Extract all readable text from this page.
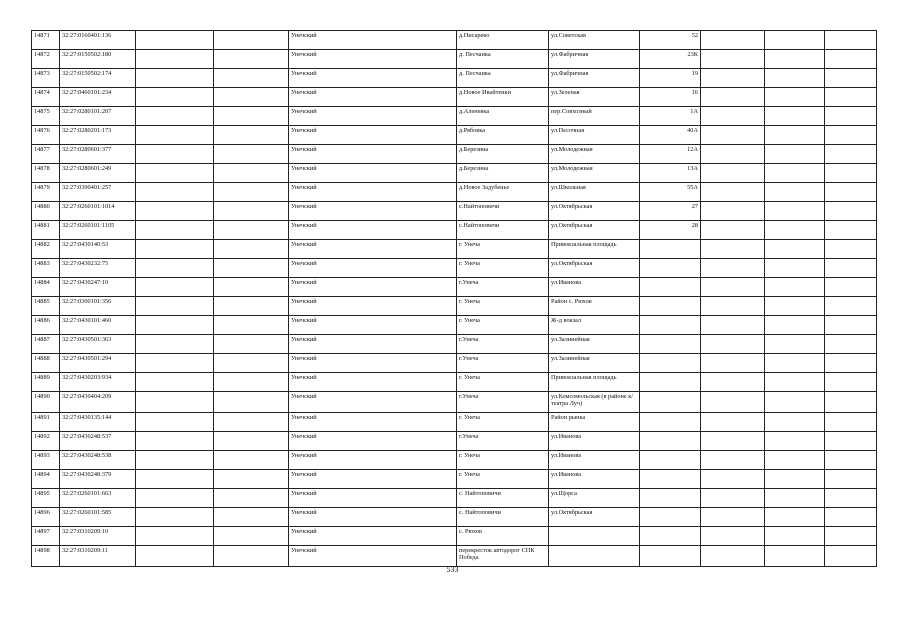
14871	32:27:0160401:136			Унечский	д.Писарево	ул.Советская	52			
14872	32:27:0150502:180			Унечский	д. Песчанка	ул.Фабричная	23К			
14873	32:27:0150502:174			Унечский	д. Песчанка	ул.Фабричная	19			
14874	32:27:0460101:234			Унечский	д.Новое Ивайтенки	ул.Зеленая	16			
14875	32:27:0280101:207			Унечский	д.Аленевка	пер.Совхозный	1А			
14876	32:27:0280201:173			Унечский	д.Рябовка	ул.Песочная	40А			
14877	32:27:0280601:377			Унечский	д.Березина	ул.Молодежная	12А			
14878	32:27:0280601:249			Унечский	д.Березина	ул.Молодежная	13А			
14879	32:27:0390401:257			Унечский	д.Новое Задубенье	ул.Школьная	55А			
14880	32:27:0260101:1014			Унечский	с.Найтоповичи	ул.Октябрьская	27			
14881	32:27:0260101:1105			Унечский	с.Найтоповичи	ул.Октябрьская	28			
14882	32:27:0430140:53			Унечский	г. Унеча	Привокзальная площадь				
14883	32:27:0430232:75			Унечский	г. Унеча	ул.Октябрьская				
14884	32:27:0430247:10			Унечский	г.Унеча	ул.Иванова				
14885	32:27:0300101:356			Унечский	г. Унеча	Район с. Рюхов				
14886	32:27:0430101:460			Унечский	г. Унеча	Ж-д вокзал				
14887	32:27:0430501:363			Унечский	г.Унеча	ул.Залинейная				
14888	32:27:0430501:294			Унечский	г.Унеча	ул.Залинейная				
14889	32:27:0430203:934			Унечский	г. Унеча	Привокзальная площадь				
14890	32:27:0430404:209			Унечский	г.Унеча	ул.Комсомольская (в районе к/театра Луч)				
14891	32:27:0430135:144			Унечский	г. Унеча	Район рынка				
14892	32:27:0430248:537			Унечский	г.Унеча	ул.Иванова				
14893	32:27:0430248:538			Унечский	г. Унеча	ул.Иванова				
14894	32:27:0430248:379			Унечский	г. Унеча	ул.Иванова				
14895	32:27:0260101:663			Унечский	с. Найтоповичи	ул.Щорса				
14896	32:27:0260101:585			Унечский	с. Найтоповичи	ул.Октябрьская				
14897	32:27:0310209:10			Унечский	с. Рюхов					
14898	32:27:0310209:11			Унечский	перекресток автодорог СПК Победа					
533
